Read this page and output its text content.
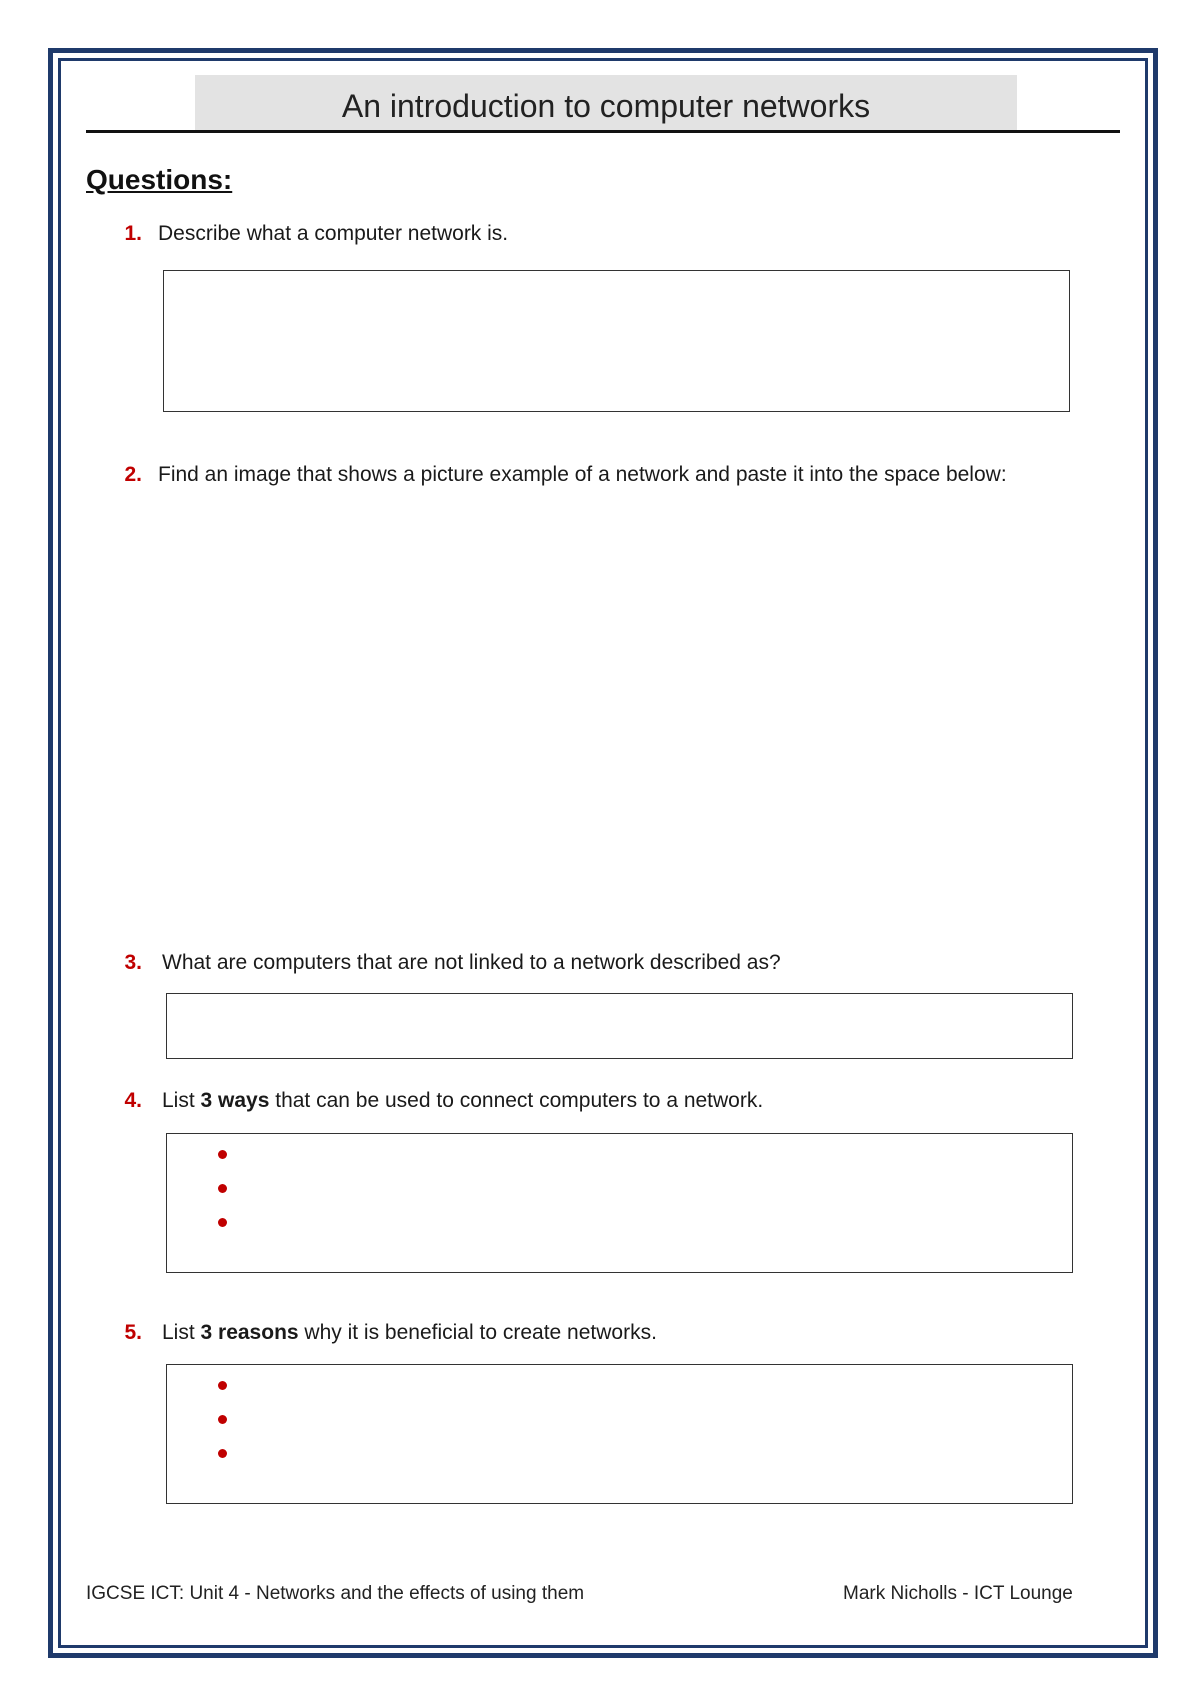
An introduction to computer networks
Questions:
1. Describe what a computer network is.
2. Find an image that shows a picture example of a network and paste it into the space below:
3. What are computers that are not linked to a network described as?
4. List 3 ways that can be used to connect computers to a network.
5. List 3 reasons why it is beneficial to create networks.
IGCSE ICT: Unit 4 - Networks and the effects of using them	Mark Nicholls - ICT Lounge
